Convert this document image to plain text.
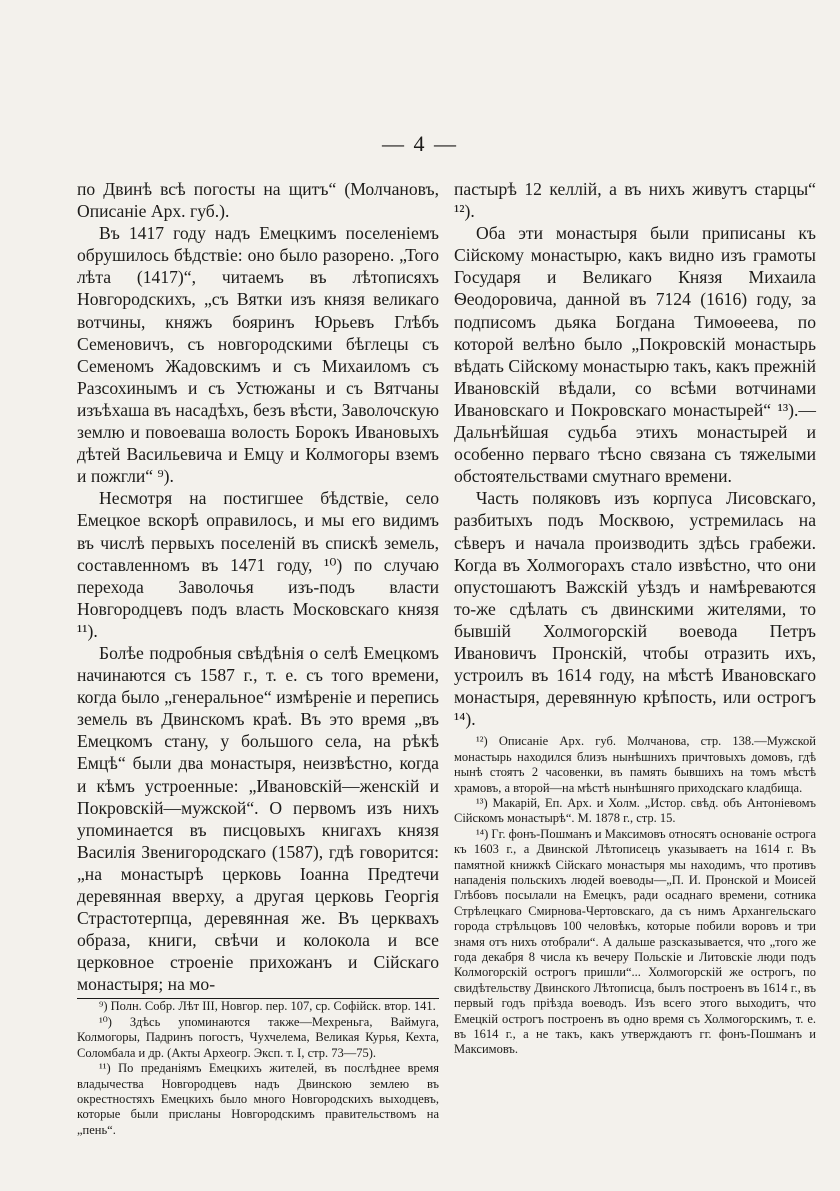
— 4 —

по Двинѣ всѣ погосты на щитъ“ (Молчановъ, Описаніе Арх. губ.).

Въ 1417 году надъ Емецкимъ поселеніемъ обрушилось бѣдствіе: оно было разорено. „Того лѣта (1417)“, читаемъ въ лѣтописяхъ Новгородскихъ, „съ Вятки изъ князя великаго вотчины, княжъ бояринъ Юрьевъ Глѣбъ Семеновичъ, съ новгородскими бѣглецы съ Семеномъ Жадовскимъ и съ Михаиломъ съ Разсохинымъ и съ Устюжаны и съ Вятчаны изъѣхаша въ насадѣхъ, безъ вѣсти, Заволочскую землю и повоеваша волость Борокъ Ивановыхъ дѣтей Васильевича и Емцу и Колмогоры вземъ и пожгли“ ⁹).

Несмотря на постигшее бѣдствіе, село Емецкое вскорѣ оправилось, и мы его видимъ въ числѣ первыхъ поселеній въ спискѣ земель, составленномъ въ 1471 году, ¹⁰) по случаю перехода Заволочья изъ-подъ власти Новгородцевъ подъ власть Московскаго князя ¹¹).

Болѣе подробныя свѣдѣнія о селѣ Емецкомъ начинаются съ 1587 г., т. е. съ того времени, когда было „генеральное“ измѣреніе и перепись земель въ Двинскомъ краѣ. Въ это время „въ Емецкомъ стану, у большого села, на рѣкѣ Емцѣ“ были два монастыря, неизвѣстно, когда и кѣмъ устроенные: „Ивановскій—женскій и Покровскій—мужской“. О первомъ изъ нихъ упоминается въ писцовыхъ книгахъ князя Василія Звенигородскаго (1587), гдѣ говорится: „на монастырѣ церковь Іоанна Предтечи деревянная вверху, а другая церковь Георгія Страстотерпца, деревянная же. Въ церквахъ образа, книги, свѣчи и колокола и все церковное строеніе прихожанъ и Сійскаго монастыря; на мо-

⁹) Полн. Собр. Лѣт III, Новгор. пер. 107, ср. Софійск. втор. 141.

¹⁰) Здѣсь упоминаются также—Мехреньга, Ваймуга, Колмогоры, Падринъ погостъ, Чухчелема, Великая Курья, Кехта, Соломбала и др. (Акты Археогр. Эксп. т. I, стр. 73—75).

¹¹) По преданіямъ Емецкихъ жителей, въ послѣднее время владычества Новгородцевъ надъ Двинскою землею въ окрестностяхъ Емецкихъ было много Новгородскихъ выходцевъ, которые были присланы Новгородскимъ правительствомъ на „пень“.

пастырѣ 12 келлій, а въ нихъ живутъ старцы“ ¹²).

Оба эти монастыря были приписаны къ Сійскому монастырю, какъ видно изъ грамоты Государя и Великаго Князя Михаила Ѳеодоровича, данной въ 7124 (1616) году, за подписомъ дьяка Богдана Тимоѳеева, по которой велѣно было „Покровскій монастырь вѣдать Сійскому монастырю такъ, какъ прежній Ивановскій вѣдали, со всѣми вотчинами Ивановскаго и Покровскаго монастырей“ ¹³).—Дальнѣйшая судьба этихъ монастырей и особенно перваго тѣсно связана съ тяжелыми обстоятельствами смутнаго времени.

Часть поляковъ изъ корпуса Лисовскаго, разбитыхъ подъ Москвою, устремилась на сѣверъ и начала производить здѣсь грабежи. Когда въ Холмогорахъ стало извѣстно, что они опустошаютъ Важскій уѣздъ и намѣреваются то-же сдѣлать съ двинскими жителями, то бывшій Холмогорскій воевода Петръ Ивановичъ Пронскій, чтобы отразить ихъ, устроилъ въ 1614 году, на мѣстѣ Ивановскаго монастыря, деревянную крѣпость, или острогъ ¹⁴).

¹²) Описаніе Арх. губ. Молчанова, стр. 138.—Мужской монастырь находился близъ нынѣшнихъ причтовыхъ домовъ, гдѣ нынѣ стоятъ 2 часовенки, въ память бывшихъ на томъ мѣстѣ храмовъ, а второй—на мѣстѣ нынѣшняго приходскаго кладбища.

¹³) Макарій, Еп. Арх. и Холм. „Истор. свѣд. объ Антоніевомъ Сійскомъ монастырѣ“. М. 1878 г., стр. 15.

¹⁴) Гг. фонъ-Пошманъ и Максимовъ относятъ основаніе острога къ 1603 г., а Двинской Лѣтописецъ указываетъ на 1614 г. Въ памятной книжкѣ Сійскаго монастыря мы находимъ, что противъ нападенія польскихъ людей воеводы—„П. И. Пронской и Моисей Глѣбовъ посылали на Емецкъ, ради осаднаго времени, сотника Стрѣлецкаго Смирнова-Чертовскаго, да съ нимъ Архангельскаго города стрѣльцовъ 100 человѣкъ, которые побили воровъ и три знамя отъ нихъ отобрали“. А дальше разсказывается, что „того же года декабря 8 числа къ вечеру Польскіе и Литовскіе люди подъ Колмогорскій острогъ пришли“... Холмогорскій же острогъ, по свидѣтельству Двинского Лѣтописца, былъ построенъ въ 1614 г., въ первый годъ пріѣзда воеводъ. Изъ всего этого выходитъ, что Емецкій острогъ построенъ въ одно время съ Холмогорскимъ, т. е. въ 1614 г., а не такъ, какъ утверждаютъ гг. фонъ-Пошманъ и Максимовъ.
